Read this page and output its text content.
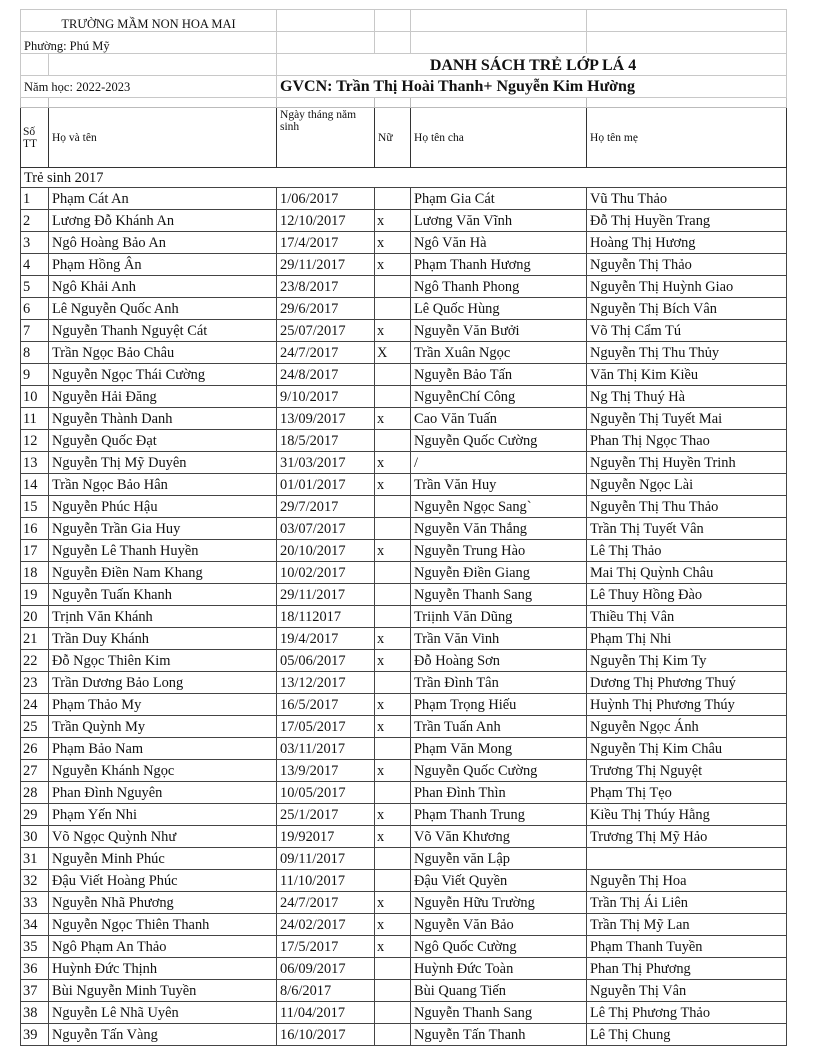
TRƯỜNG MẦM NON HOA MAI					
Phường: Phú Mỹ					
		DANH SÁCH TRẺ LỚP LÁ 4			
Năm học: 2022-2023		GVCN: Trần Thị Hoài Thanh+ Nguyễn Kim Hường			

Số TT	Họ và tên	Ngày tháng năm sinh	Nữ	Họ tên cha	Họ tên mẹ
Trẻ sinh 2017					
1	Phạm Cát An	1/06/2017		Phạm Gia Cát	Vũ Thu Thảo
2	Lương Đỗ Khánh An	12/10/2017	x	Lương Văn Vĩnh	Đỗ Thị Huyền Trang
3	Ngô Hoàng Bảo An	17/4/2017	x	Ngô Văn Hà	Hoàng Thị Hương
4	Phạm Hồng Ân	29/11/2017	x	Phạm Thanh Hương	Nguyễn Thị Thảo
5	Ngô Khải Anh	23/8/2017		Ngô Thanh Phong	Nguyễn Thị Huỳnh Giao
6	Lê Nguyễn Quốc Anh	29/6/2017		Lê Quốc Hùng	Nguyễn Thị Bích Vân
7	Nguyễn Thanh Nguyệt Cát	25/07/2017	x	Nguyễn Văn Bưởi	Võ Thị Cẩm Tú
8	Trần Ngọc Bảo Châu	24/7/2017	X	Trần Xuân Ngọc	Nguyễn Thị Thu Thủy
9	Nguyễn Ngọc Thái Cường	24/8/2017		Nguyễn Bảo Tấn	Văn Thị Kim Kiều
10	Nguyễn Hải Đăng	9/10/2017		NguyễnChí Công	Ng Thị Thuý Hà
11	Nguyễn Thành Danh	13/09/2017	x	Cao Văn Tuấn	Nguyễn Thị Tuyết Mai
12	Nguyễn Quốc Đạt	18/5/2017		Nguyễn Quốc Cường	Phan Thị Ngọc Thao
13	Nguyễn Thị Mỹ Duyên	31/03/2017	x	/	Nguyễn Thị Huyền Trinh
14	Trần Ngọc Bảo Hân	01/01/2017	x	Trần Văn Huy	Nguyễn Ngọc Lài
15	Nguyễn Phúc Hậu	29/7/2017		Nguyễn Ngọc Sang`	Nguyễn Thị Thu Thảo
16	Nguyễn Trần Gia Huy	03/07/2017		Nguyễn Văn Thắng	Trần Thị Tuyết Vân
17	Nguyễn Lê Thanh Huyền	20/10/2017	x	Nguyễn Trung Hào	Lê Thị Thảo
18	Nguyễn Điền Nam Khang	10/02/2017		Nguyễn Điền Giang	Mai Thị Quỳnh Châu
19	Nguyễn Tuấn Khanh	29/11/2017		Nguyễn Thanh Sang	Lê Thuy Hồng Đào
20	Trịnh Văn Khánh	18/112017		Triịnh Văn Dũng	Thiều Thị Vân
21	Trần Duy Khánh	19/4/2017	x	Trần Văn Vinh	Phạm Thị Nhi
22	Đỗ Ngọc Thiên Kim	05/06/2017	x	Đỗ Hoàng Sơn	Nguyễn Thị Kim Ty
23	Trần Dương Bảo Long	13/12/2017		Trần Đình Tân	Dương Thị Phương Thuý
24	Phạm Thảo My	16/5/2017	x	Phạm Trọng Hiếu	Huỳnh Thị Phương Thúy
25	Trần Quỳnh My	17/05/2017	x	Trần Tuấn Anh	Nguyễn Ngọc Ánh
26	Phạm Bảo Nam	03/11/2017		Phạm Văn Mong	Nguyễn Thị Kim Châu
27	Nguyễn Khánh Ngọc	13/9/2017	x	Nguyễn Quốc Cường	Trương Thị Nguyệt
28	Phan Đình Nguyên	10/05/2017		Phan Đình Thìn	Phạm Thị Tẹo
29	Phạm Yến Nhi	25/1/2017	x	Phạm Thanh Trung	Kiều Thị Thúy Hằng
30	Võ Ngọc Quỳnh Như	19/92017	x	Võ Văn Khương	Trương Thị Mỹ Hảo
31	Nguyễn Minh Phúc	09/11/2017		Nguyễn văn Lập	
32	Đậu Viết Hoàng Phúc	11/10/2017		Đậu Viết Quyền	Nguyễn Thị Hoa
33	Nguyễn Nhã Phương	24/7/2017	x	Nguyễn Hữu Trường	Trần Thị Ái Liên
34	Nguyễn Ngọc Thiên Thanh	24/02/2017	x	Nguyễn Văn Bảo	Trần Thị Mỹ Lan
35	Ngô Phạm An Thảo	17/5/2017	x	Ngô Quốc Cường	Phạm Thanh Tuyền
36	Huỳnh Đức Thịnh	06/09/2017		Huỳnh Đức Toàn	Phan Thị Phương
37	Bùi Nguyễn Minh Tuyền	8/6/2017		Bùi Quang Tiến	Nguyễn Thị Vân
38	Nguyễn Lê Nhã Uyên	11/04/2017		Nguyễn Thanh Sang	Lê Thị Phương Thảo
39	Nguyễn Tấn Vàng	16/10/2017		Nguyễn Tấn Thanh	Lê Thị Chung
